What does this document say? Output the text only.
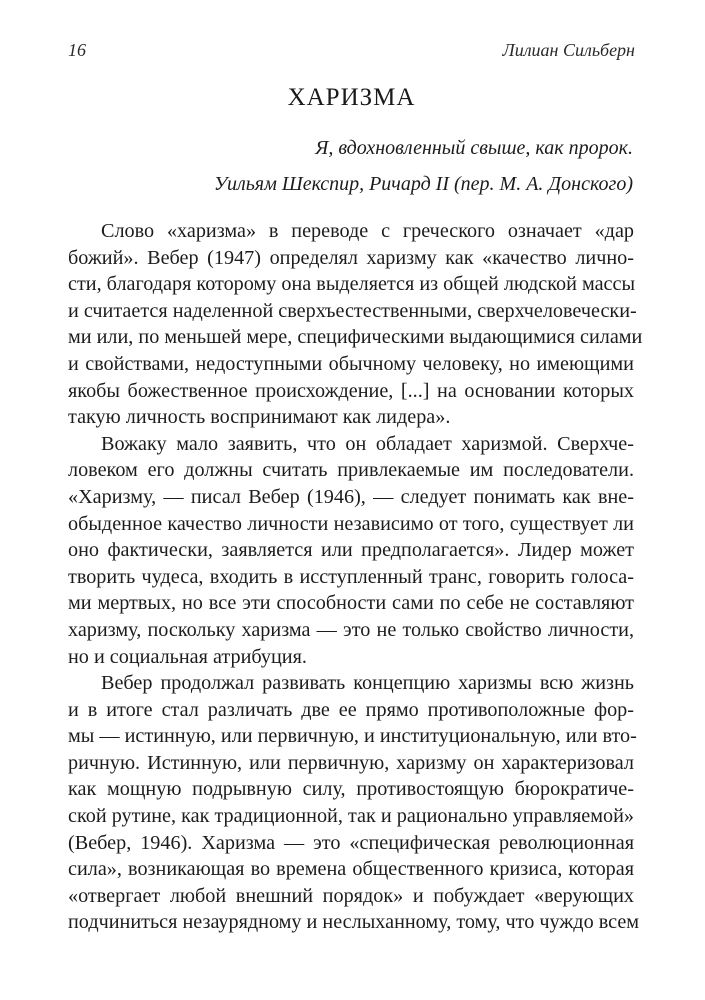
16	Лилиан Сильберн
ХАРИЗМА
Я, вдохновленный свыше, как пророк.
Уильям Шекспир, Ричард II (пер. М. А. Донского)
Слово «харизма» в переводе с греческого означает «дар
божий». Вебер (1947) определял харизму как «качество лично-
сти, благодаря которому она выделяется из общей людской массы
и считается наделенной сверхъестественными, сверхчеловечески-
ми или, по меньшей мере, специфическими выдающимися силами
и свойствами, недоступными обычному человеку, но имеющими
якобы божественное происхождение, [...] на основании которых
такую личность воспринимают как лидера».
Вожаку мало заявить, что он обладает харизмой. Сверхче-
ловеком его должны считать привлекаемые им последователи.
«Харизму, — писал Вебер (1946), — следует понимать как вне-
обыденное качество личности независимо от того, существует ли
оно фактически, заявляется или предполагается». Лидер может
творить чудеса, входить в исступленный транс, говорить голоса-
ми мертвых, но все эти способности сами по себе не составляют
харизму, поскольку харизма — это не только свойство личности,
но и социальная атрибуция.
Вебер продолжал развивать концепцию харизмы всю жизнь
и в итоге стал различать две ее прямо противоположные фор-
мы — истинную, или первичную, и институциональную, или вто-
ричную. Истинную, или первичную, харизму он характеризовал
как мощную подрывную силу, противостоящую бюрократиче-
ской рутине, как традиционной, так и рационально управляемой»
(Вебер, 1946). Харизма — это «специфическая революционная
сила», возникающая во времена общественного кризиса, которая
«отвергает любой внешний порядок» и побуждает «верующих
подчиниться незаурядному и неслыханному, тому, что чуждо всем
